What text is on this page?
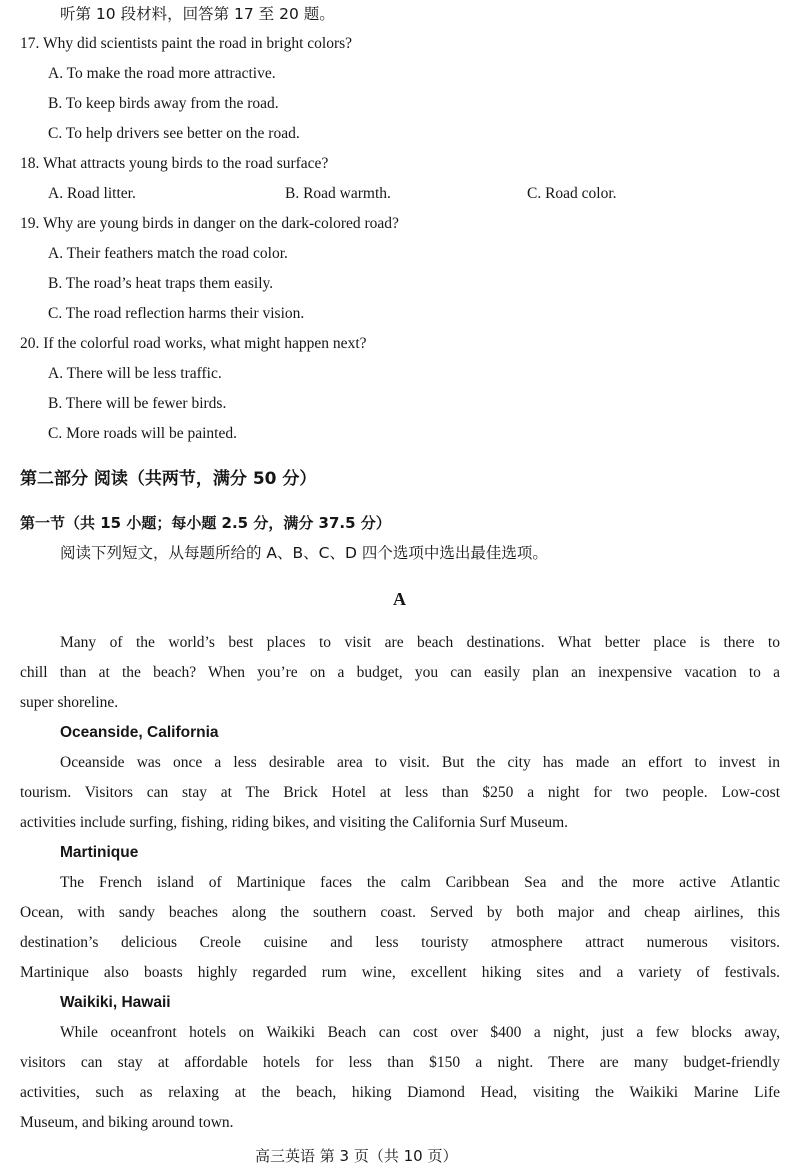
听第 10 段材料，回答第 17 至 20 题。

17. Why did scientists paint the road in bright colors?

A. To make the road more attractive.

B. To keep birds away from the road.

C. To help drivers see better on the road.

18. What attracts young birds to the road surface?

A. Road litter.	B. Road warmth.	C. Road color.

19. Why are young birds in danger on the dark-colored road?

A. Their feathers match the road color.

B. The road’s heat traps them easily.

C. The road reflection harms their vision.

20. If the colorful road works, what might happen next?

A. There will be less traffic.

B. There will be fewer birds.

C. More roads will be painted.

第二部分 阅读（共两节，满分 50 分）

第一节（共 15 小题；每小题 2.5 分，满分 37.5 分）

阅读下列短文，从每题所给的 A、B、C、D 四个选项中选出最佳选项。

A

Many of the world’s best places to visit are beach destinations. What better place is there to

chill than at the beach? When you’re on a budget, you can easily plan an inexpensive vacation to a

super shoreline.

Oceanside, California

Oceanside was once a less desirable area to visit. But the city has made an effort to invest in

tourism. Visitors can stay at The Brick Hotel at less than $250 a night for two people. Low-cost

activities include surfing, fishing, riding bikes, and visiting the California Surf Museum.

Martinique

The French island of Martinique faces the calm Caribbean Sea and the more active Atlantic

Ocean, with sandy beaches along the southern coast. Served by both major and cheap airlines, this

destination’s delicious Creole cuisine and less touristy atmosphere attract numerous visitors.

Martinique also boasts highly regarded rum wine, excellent hiking sites and a variety of festivals.

Waikiki, Hawaii

While oceanfront hotels on Waikiki Beach can cost over $400 a night, just a few blocks away,

visitors can stay at affordable hotels for less than $150 a night. There are many budget-friendly

activities, such as relaxing at the beach, hiking Diamond Head, visiting the Waikiki Marine Life

Museum, and biking around town.

高三英语 第 3 页（共 10 页）
